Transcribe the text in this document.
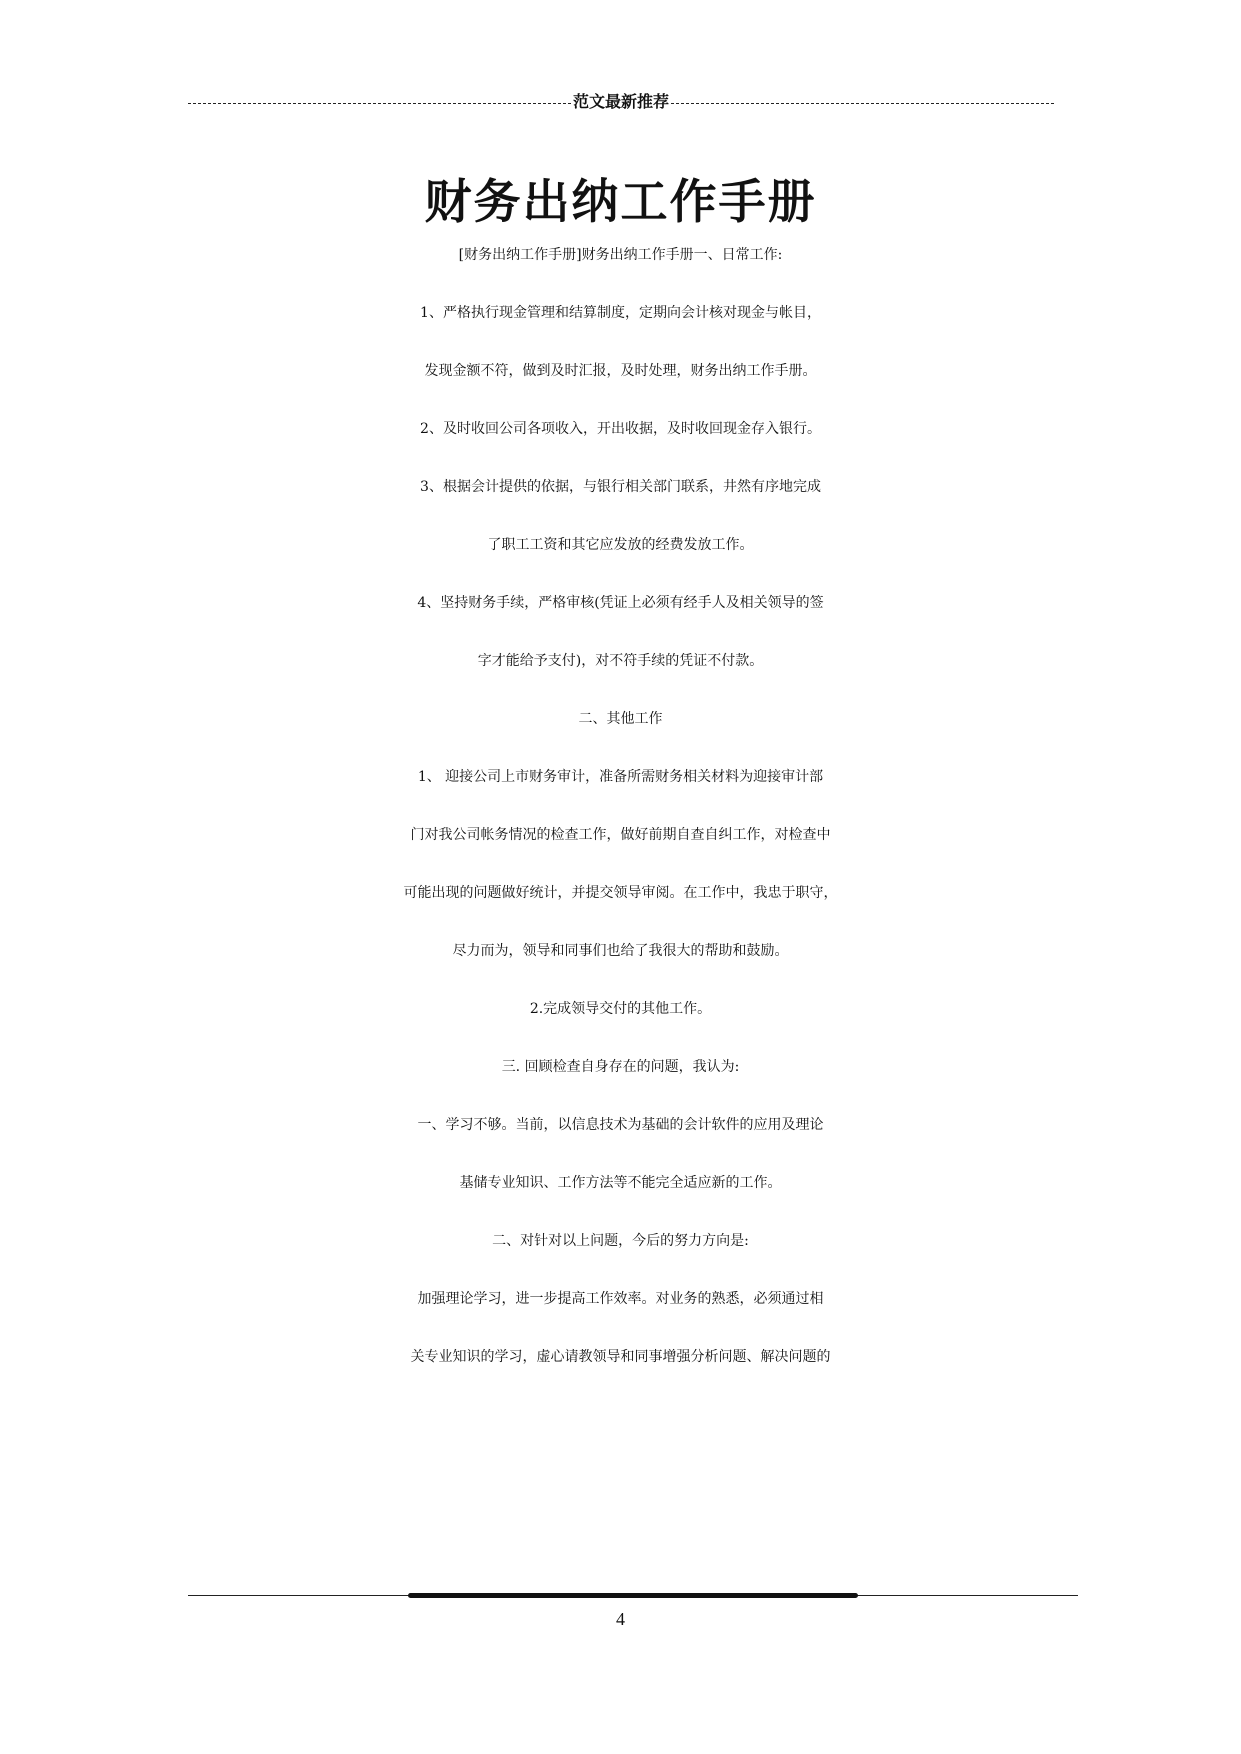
范文最新推荐
财务出纳工作手册
[财务出纳工作手册]财务出纳工作手册一、日常工作:
1、严格执行现金管理和结算制度，定期向会计核对现金与帐目，
发现金额不符，做到及时汇报，及时处理，财务出纳工作手册。
2、及时收回公司各项收入，开出收据，及时收回现金存入银行。
3、根据会计提供的依据，与银行相关部门联系，井然有序地完成
了职工工资和其它应发放的经费发放工作。
4、坚持财务手续，严格审核(凭证上必须有经手人及相关领导的签
字才能给予支付)，对不符手续的凭证不付款。
二、其他工作
1、 迎接公司上市财务审计，准备所需财务相关材料为迎接审计部
门对我公司帐务情况的检查工作，做好前期自查自纠工作，对检查中
可能出现的问题做好统计，并提交领导审阅。在工作中，我忠于职守，
尽力而为，领导和同事们也给了我很大的帮助和鼓励。
2.完成领导交付的其他工作。
三. 回顾检查自身存在的问题，我认为:
一、学习不够。当前，以信息技术为基础的会计软件的应用及理论
基储专业知识、工作方法等不能完全适应新的工作。
二、对针对以上问题，今后的努力方向是:
加强理论学习，进一步提高工作效率。对业务的熟悉，必须通过相
关专业知识的学习，虚心请教领导和同事增强分析问题、解决问题的
4
